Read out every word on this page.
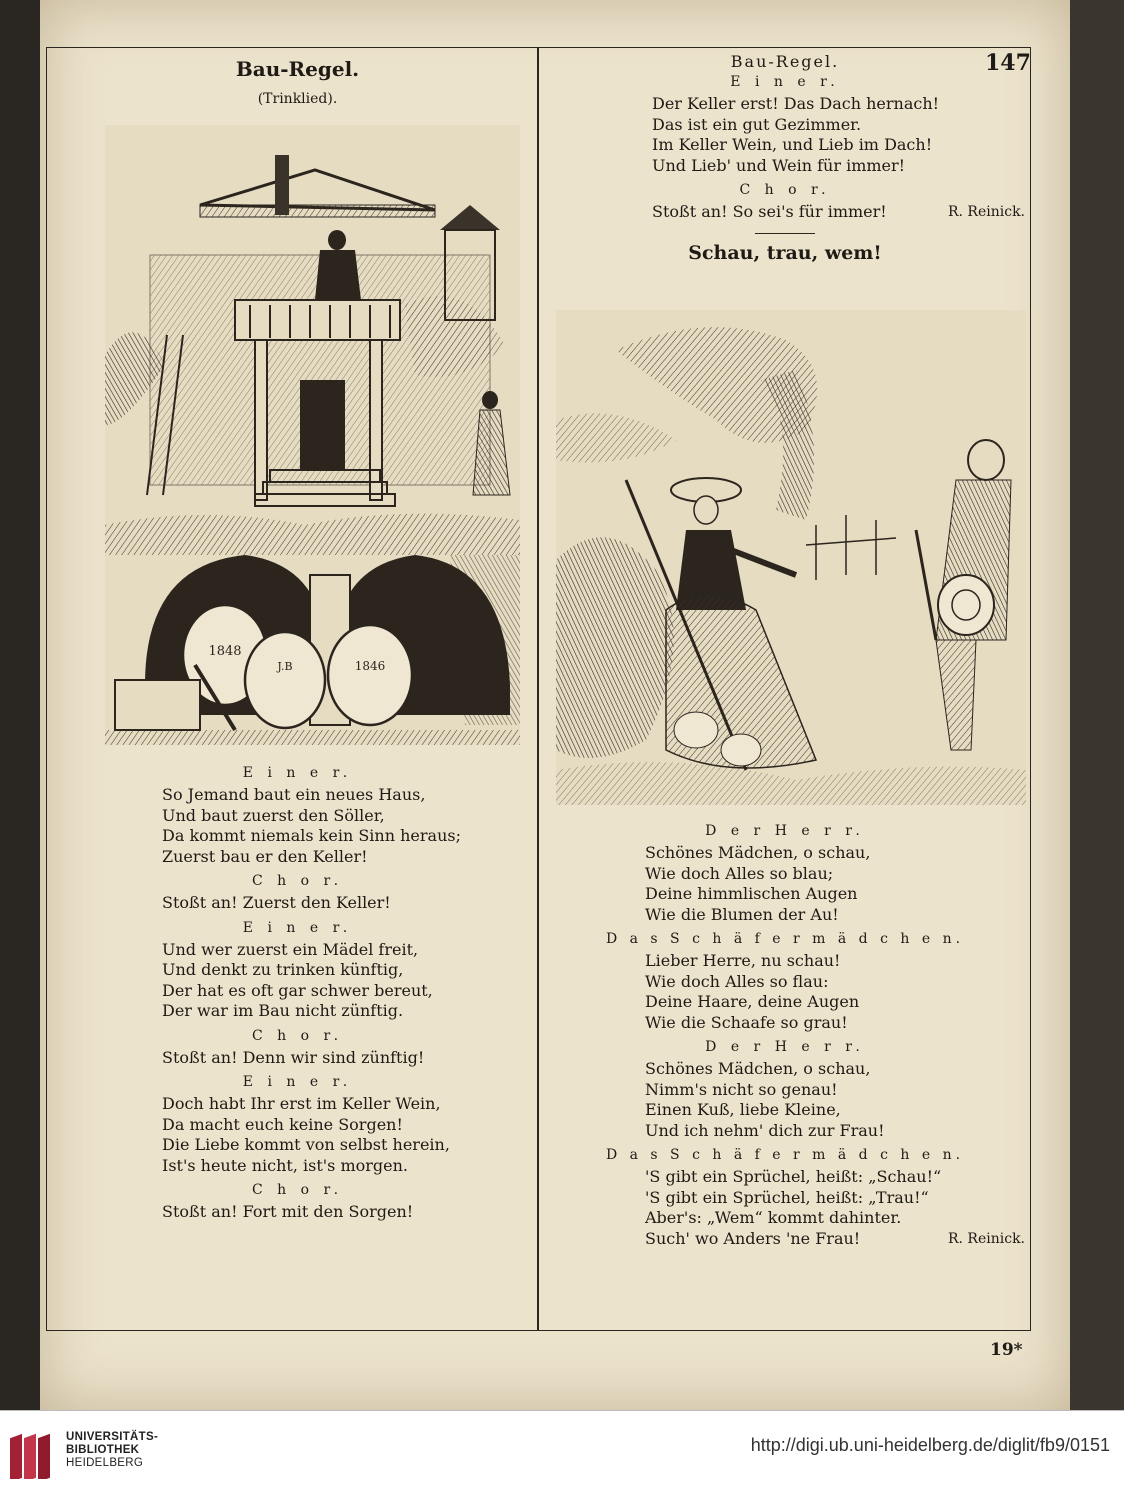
147
Bau-Regel.
(Trinklied).
1848
J.B	1846
E i n e r.
So Jemand baut ein neues Haus,
Und baut zuerst den Söller,
Da kommt niemals kein Sinn heraus;
Zuerst bau er den Keller!
C h o r.
Stoßt an! Zuerst den Keller!
E i n e r.
Und wer zuerst ein Mädel freit,
Und denkt zu trinken künftig,
Der hat es oft gar schwer bereut,
Der war im Bau nicht zünftig.
C h o r.
Stoßt an! Denn wir sind zünftig!
E i n e r.
Doch habt Ihr erst im Keller Wein,
Da macht euch keine Sorgen!
Die Liebe kommt von selbst herein,
Ist's heute nicht, ist's morgen.
C h o r.
Stoßt an! Fort mit den Sorgen!
Bau-Regel.
E i n e r.
Der Keller erst! Das Dach hernach!
Das ist ein gut Gezimmer.
Im Keller Wein, und Lieb im Dach!
Und Lieb' und Wein für immer!
C h o r.
Stoßt an! So sei's für immer!	R. Reinick.
Schau, trau, wem!
D e r H e r r.
Schönes Mädchen, o schau,
Wie doch Alles so blau;
Deine himmlischen Augen
Wie die Blumen der Au!
D a s S c h ä f e r m ä d c h e n.
Lieber Herre, nu schau!
Wie doch Alles so flau:
Deine Haare, deine Augen
Wie die Schaafe so grau!
D e r H e r r.
Schönes Mädchen, o schau,
Nimm's nicht so genau!
Einen Kuß, liebe Kleine,
Und ich nehm' dich zur Frau!
D a s S c h ä f e r m ä d c h e n.
'S gibt ein Sprüchel, heißt: „Schau!“
'S gibt ein Sprüchel, heißt: „Trau!“
Aber's: „Wem“ kommt dahinter.
Such' wo Anders 'ne Frau!	R. Reinick.
19*
UNIVERSITÄTS-
BIBLIOTHEK
HEIDELBERG
http://digi.ub.uni-heidelberg.de/diglit/fb9/0151
